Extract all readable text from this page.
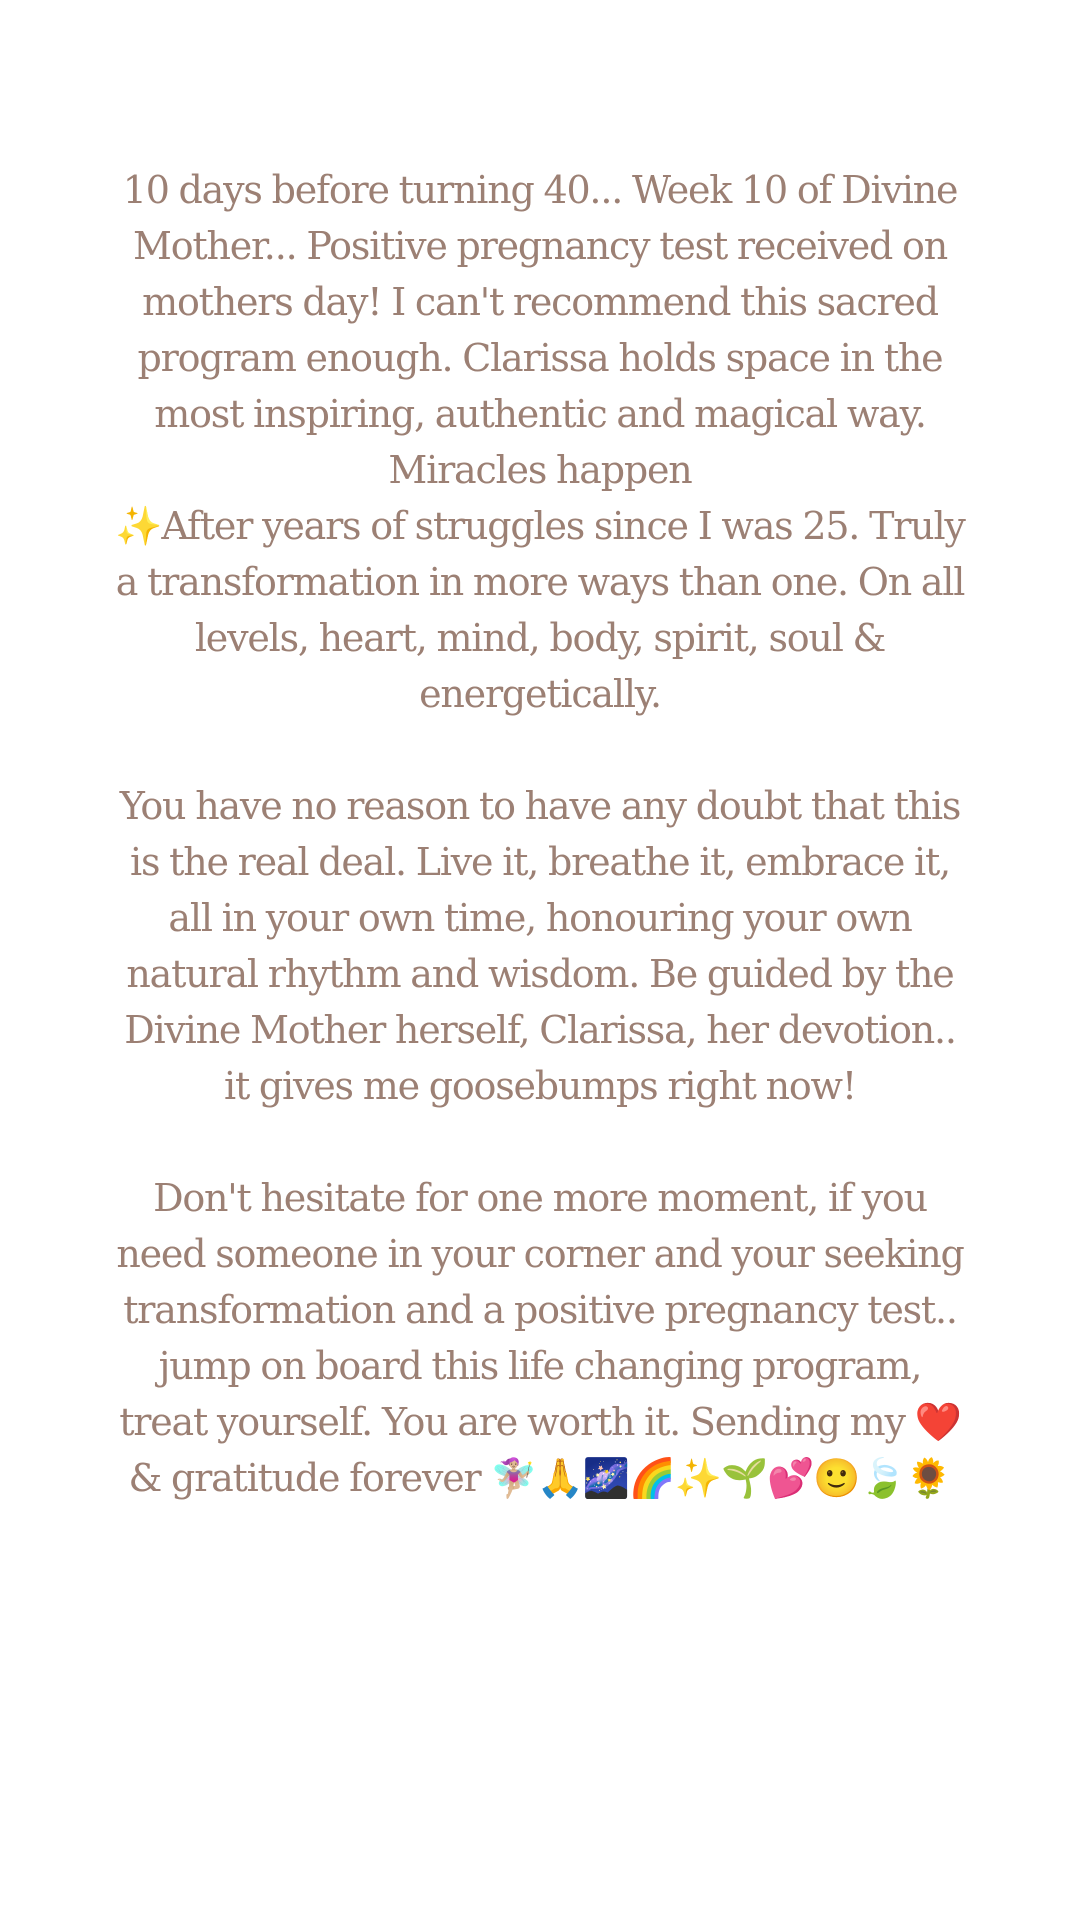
10 days before turning 40... Week 10 of Divine Mother... Positive pregnancy test received on mothers day! I can't recommend this sacred program enough. Clarissa holds space in the most inspiring, authentic and magical way. Miracles happen

✨After years of struggles since I was 25. Truly a transformation in more ways than one. On all levels, heart, mind, body, spirit, soul & energetically.

You have no reason to have any doubt that this is the real deal. Live it, breathe it, embrace it, all in your own time, honouring your own natural rhythm and wisdom. Be guided by the Divine Mother herself, Clarissa, her devotion.. it gives me goosebumps right now!

Don't hesitate for one more moment, if you need someone in your corner and your seeking transformation and a positive pregnancy test.. jump on board this life changing program, treat yourself. You are worth it. Sending my ❤️ & gratitude forever 🧚🏼‍♀️🙏🌌🌈✨🌱💕🙂🍃🌻
